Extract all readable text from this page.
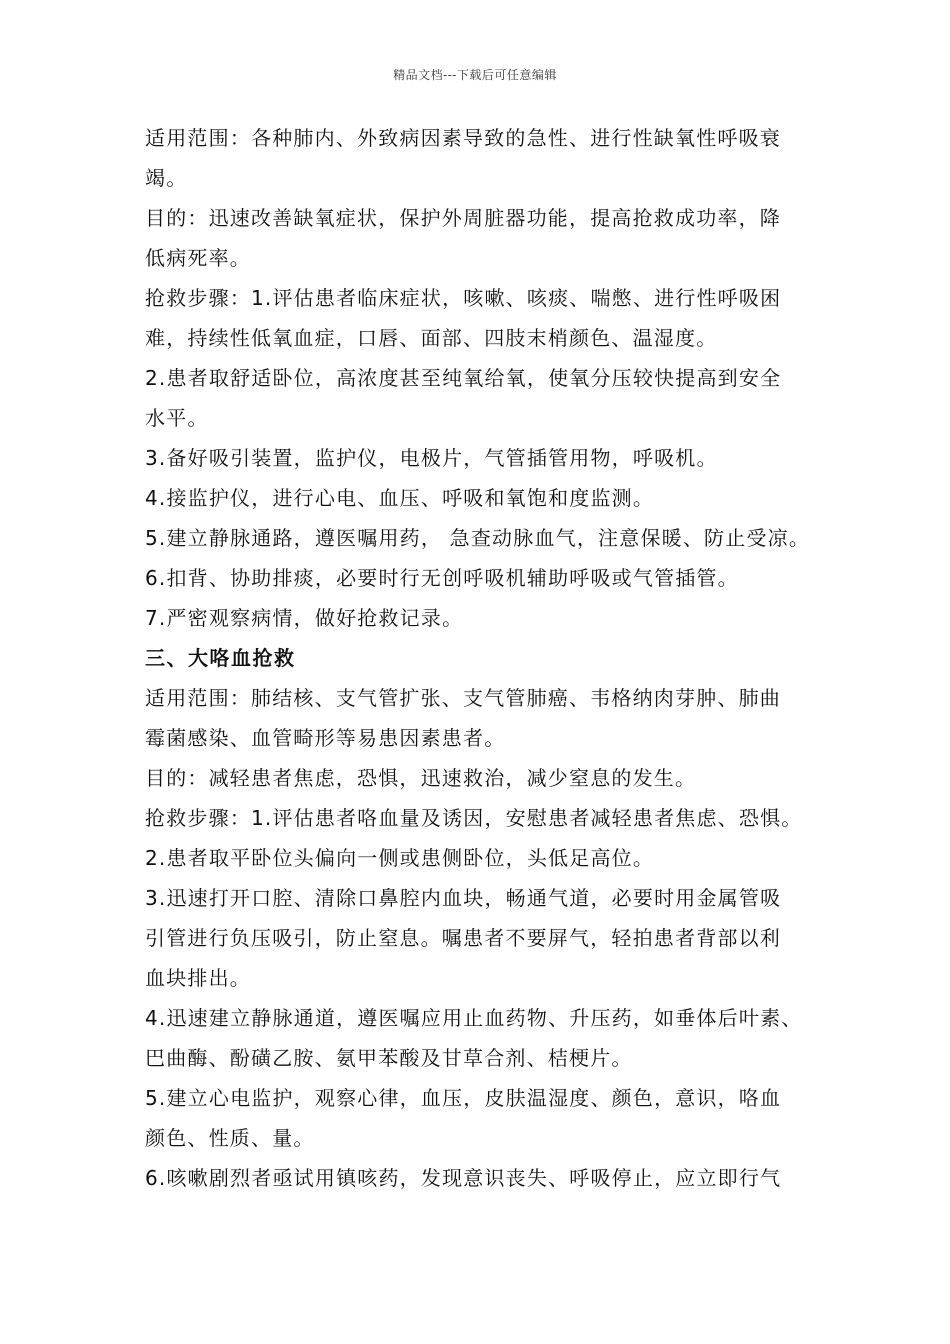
精品文档---下载后可任意编辑
适用范围：各种肺内、外致病因素导致的急性、进行性缺氧性呼吸衰
竭。
目的：迅速改善缺氧症状，保护外周脏器功能，提高抢救成功率，降
低病死率。
抢救步骤：1.评估患者临床症状，咳嗽、咳痰、喘憋、进行性呼吸困
难，持续性低氧血症，口唇、面部、四肢末梢颜色、温湿度。
2.患者取舒适卧位，高浓度甚至纯氧给氧，使氧分压较快提高到安全
水平。
3.备好吸引装置，监护仪，电极片，气管插管用物，呼吸机。
4.接监护仪，进行心电、血压、呼吸和氧饱和度监测。
5.建立静脉通路，遵医嘱用药， 急查动脉血气，注意保暖、防止受凉。
6.扣背、协助排痰，必要时行无创呼吸机辅助呼吸或气管插管。
7.严密观察病情，做好抢救记录。
三、大咯血抢救
适用范围：肺结核、支气管扩张、支气管肺癌、韦格纳肉芽肿、肺曲
霉菌感染、血管畸形等易患因素患者。
目的：减轻患者焦虑，恐惧，迅速救治，减少窒息的发生。
抢救步骤：1.评估患者咯血量及诱因，安慰患者减轻患者焦虑、恐惧。
2.患者取平卧位头偏向一侧或患侧卧位，头低足高位。
3.迅速打开口腔、清除口鼻腔内血块，畅通气道，必要时用金属管吸
引管进行负压吸引，防止窒息。嘱患者不要屏气，轻拍患者背部以利
血块排出。
4.迅速建立静脉通道，遵医嘱应用止血药物、升压药，如垂体后叶素、
巴曲酶、酚磺乙胺、氨甲苯酸及甘草合剂、桔梗片。
5.建立心电监护，观察心律，血压，皮肤温湿度、颜色，意识，咯血
颜色、性质、量。
6.咳嗽剧烈者亟试用镇咳药，发现意识丧失、呼吸停止，应立即行气
